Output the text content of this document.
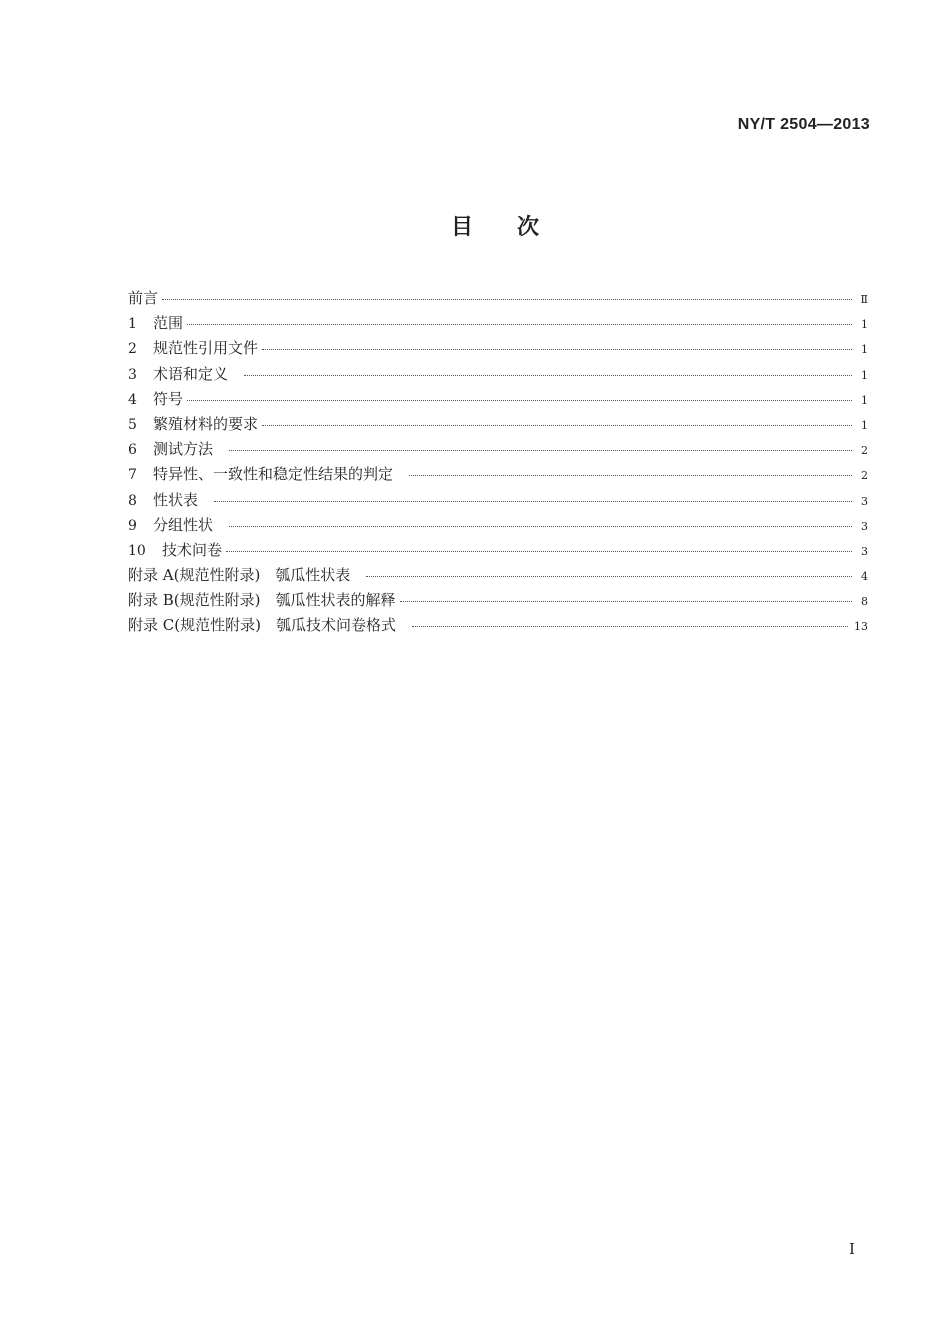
NY/T 2504—2013
目　　次
前言	Ⅱ
1	范围	1
2	规范性引用文件	1
3	术语和定义	1
4	符号	1
5	繁殖材料的要求	1
6	测试方法	2
7	特异性、一致性和稳定性结果的判定	2
8	性状表	3
9	分组性状	3
10	技术问卷	3
附录 A(规范性附录)　瓠瓜性状表	4
附录 B(规范性附录)　瓠瓜性状表的解释	8
附录 C(规范性附录)　瓠瓜技术问卷格式	13
Ⅰ
